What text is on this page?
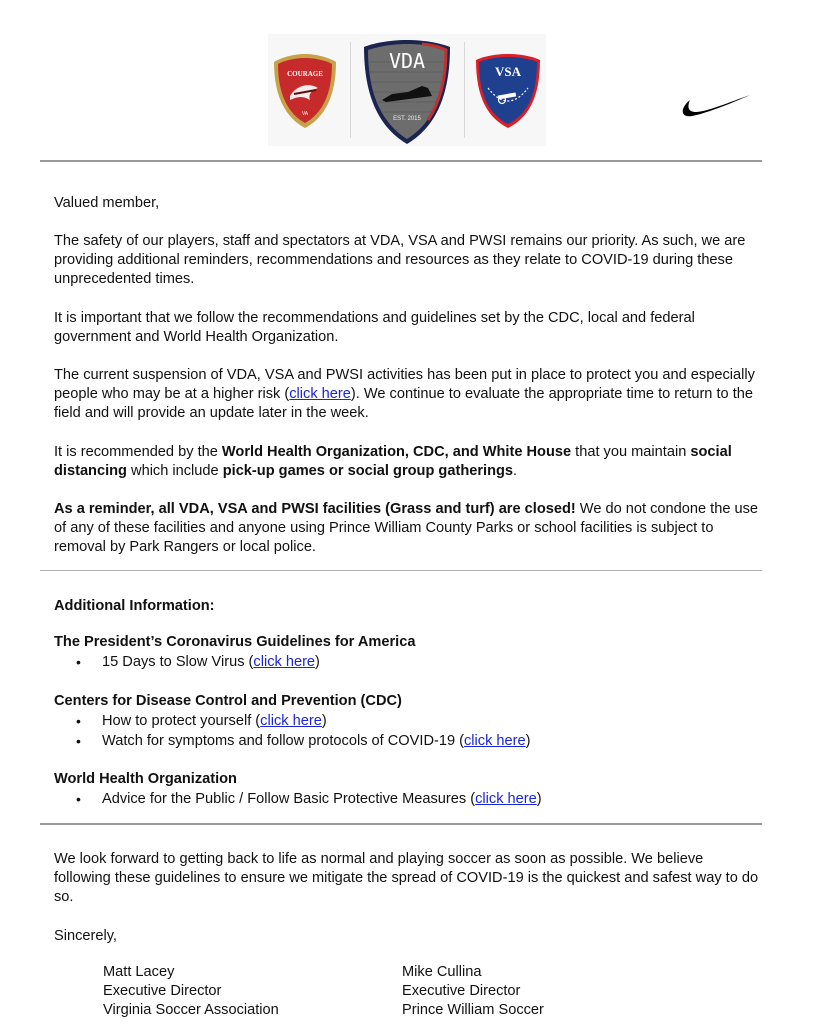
COURAGE
VA
VDA
EST. 2015
VSA
Valued member,

The safety of our players, staff and spectators at VDA, VSA and PWSI remains our priority. As such, we are providing additional reminders, recommendations and resources as they relate to COVID-19 during these unprecedented times.

It is important that we follow the recommendations and guidelines set by the CDC, local and federal government and World Health Organization.

The current suspension of VDA, VSA and PWSI activities has been put in place to protect you and especially people who may be at a higher risk (click here). We continue to evaluate the appropriate time to return to the field and will provide an update later in the week.

It is recommended by the World Health Organization, CDC, and White House that you maintain social distancing which include pick-up games or social group gatherings.

As a reminder, all VDA, VSA and PWSI facilities (Grass and turf) are closed! We do not condone the use of any of these facilities and anyone using Prince William County Parks or school facilities is subject to removal by Park Rangers or local police.

Additional Information:
The President’s Coronavirus Guidelines for America
• 15 Days to Slow Virus (click here)
Centers for Disease Control and Prevention (CDC)
• How to protect yourself (click here)
• Watch for symptoms and follow protocols of COVID-19 (click here)
World Health Organization
• Advice for the Public / Follow Basic Protective Measures (click here)

We look forward to getting back to life as normal and playing soccer as soon as possible. We believe following these guidelines to ensure we mitigate the spread of COVID-19 is the quickest and safest way to do so.

Sincerely,
Matt Lacey
Executive Director
Virginia Soccer Association
Mike Cullina
Executive Director
Prince William Soccer
